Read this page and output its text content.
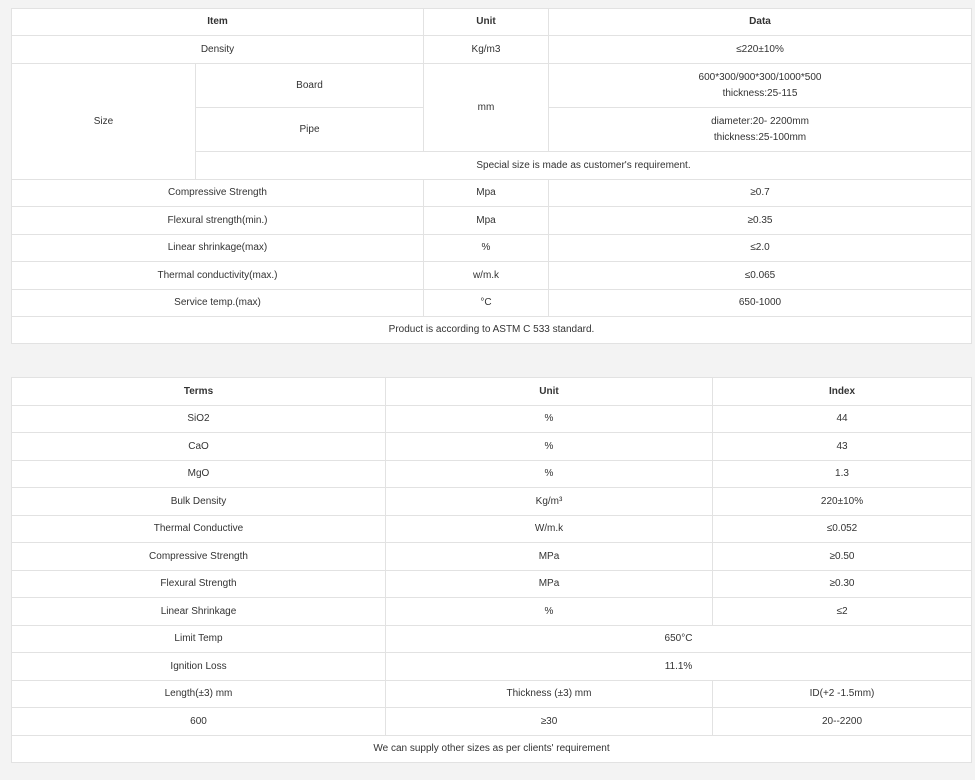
Item		Unit	Data
Density		Kg/m3	≤220±10%
Size	Board	mm	600*300/900*300/1000*500
thickness:25-115

	Pipe		diameter:20- 2200mm
thickness:25-100mm

	Special size is made as customer's requirement.		
Compressive Strength		Mpa	≥0.7
Flexural strength(min.)		Mpa	≥0.35
Linear shrinkage(max)		%	≤2.0
Thermal conductivity(max.)		w/m.k	≤0.065
Service temp.(max)		°C	650-1000
Product is according to ASTM C 533 standard.			
Terms	Unit	Index
SiO2	%	44
CaO	%	43
MgO	%	1.3
Bulk Density	Kg/m³	220±10%
Thermal Conductive	W/m.k	≤0.052
Compressive Strength	MPa	≥0.50
Flexural Strength	MPa	≥0.30
Linear Shrinkage	%	≤2
Limit Temp	650°C	
Ignition Loss	11.1%	
Length(±3) mm	Thickness (±3) mm	ID(+2 -1.5mm)
600	≥30	20--2200
We can supply other sizes as per clients' requirement		
